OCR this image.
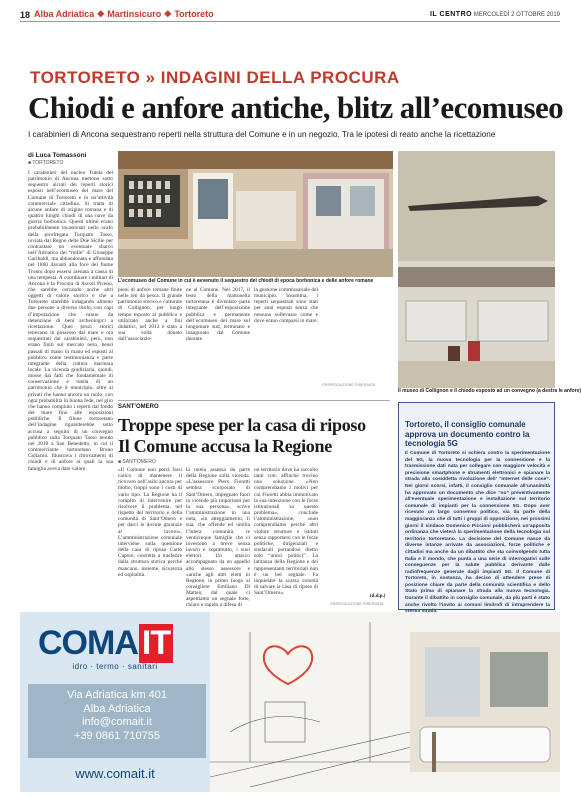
18 Alba Adriatica ❖ Martinsicuro ❖ Tortoreto	IL CENTRO MERCOLEDÌ 2 OTTOBRE 2019
TORTORETO » INDAGINI DELLA PROCURA
Chiodi e anfore antiche, blitz all’ecomuseo
I carabinieri di Ancona sequestrano reperti nella struttura del Comune e in un negozio. Tra le ipotesi di reato anche la ricettazione
di Luca Tomassoni
■ TORTORETO
I carabinieri del nucleo Tutela del patrimonio di Ancona mettono sotto sequestro alcuni dei reperti storici esposti nell’ecomuseo del mare del Comune di Tortoreto e in un’attività commerciale cittadina. Si tratta di alcune anfore di origine romana e di quattro lunghi chiodi di una nave da guerra borbonica. Questi ultimi erano probabilmente incastonati nello scafo della pirofregata Torquato Tasso, inviata dal Regno delle Due Sicilie per contrastare un eventuale sbarco nell’Adriatico dei “mille” di Giuseppe Garibaldi, ma abbandonata e affondata nel 1860 davanti alla foce del fiume Tronto dopo essersi arenata a causa di una tempesta. A coordinare i militari di Ancona è la Procura di Ascoli Piceno, che sarebbe cercando anche altri oggetti di valore storico e che a Tortoreto starebbe indagando almeno due persone a diverso titolo, con capi d’imputazione che vanno da detenzione di beni archeologici a ricettazione. Quei pezzi storici tenevano in possesso dal mare e ora sequestrati dai carabinieri, però, non erano finiti sul mercato nero, bensì passati di mano in mano ed esposti al pubblico come testimonianza e parte integrante della cultura marinara locale. La vicenda giudiziaria, quindi, mosse dai fatti che fondamentale di conservazione e tutela di un patrimonio che il municipio, oltre ai privati che hanno ancora un ruolo, con ogni probabilità in buona fede, nel giro che hanno compiuto i reperti dal fondo del mare fino alle esposizioni pubbliche. Il filone tortoretano dell’indagine riguarderebbe sotto accusa a seguito di un convegno pubblico sulla Torquato Tasso tenuto nel 2018 a San Benedetto, in cui il commerciante tortoretano Bruno Collarini. Illustrava i ritrovamenti di chiodi e di anfore ai quali la sua famiglia aveva dato valore.
L’ecomuseo del Comune in cui è avvenuto il sequestro dei chiodi di epoca borbonica e delle anfore romane
pieni di anfore romane finite nelle reti da pesca. Il grande patrimonio storico e culturale di Collignon, per lungo tempo esposto al pubblico e utilizzato anche a fini didattici, nel 2013 è stato a sua volta donato dall’associazio-
ne al Comune. Nel 2017, il testo della mattonella tortoretana è diventato parte integrante dell’esposizione pubblica e permanente dell’ecomuseo del mare sul lungomare sud, terminato e inaugurato dal Comune durante
la gestione commissariale del municipio. Insomma, i reperti sequestrati sono stati per anni esposti senza che nessuno sollevasse come e dove erano comparsi in mare.
©RIPRODUZIONE RISERVATA
Il museo di Collignon e il chiodo esposto ad un convegno (a destra le anfore)
SANT’OMERO
Troppe spese per la casa di riposo
Il Comune accusa la Regione
■ SANT’OMERO
«Il Comune non potrà farsi carico di mantenere il ricovero nell’asilo ancora per molto, troppi sono i costi di vario tipo. La Regione ha il compito di intervenire per risolvere il problema, nel rispetto del territorio e della comunità di Sant’Omero e per darci le dovute garanzie al lavoro». L’amministrazione comunale interviene sulla questione della casa di riposo Carlo Caponi, costretta a trasferire dalla struttura storica perché mancano, insieme, sicurezza ed ospitalità.
la tutela assessa da parte della Regione sulla vicenda. «L’assessore Piero Fioretti sembra scorporato di Sant’Omero, impegnato fuori in vicende più importanti per la sua persona», scrive l’amministrazione in una nota, «in atteggiamento, lì sua, che offende ed umilia l’intera comunità, le venticinque famiglie che ci investono a breve senza lavoro e soprattutto, i suoi elettori. Un attacco accompagnato da un appello allo stesso assessore e «anche agli altri eletti in Regione, in primo luogo al consigliere Emiliano Di Matteo, dal quale ci aspettiamo un segnale forte, chiaro e rapido a difesa di
un territorio dove ha raccolto tanti voti: affinché trovino una soluzione. «Non comprendiamo i motivi per cui Fioretti abbia immotivato la sua intenzione con le forze istituzionali su questo problema», conclude l’amministrazione, «non comprendiamo perché altri violare strutture e istituti senza rapportarsi con le forze politiche, dirigenziali e sindacali portandosi dietro solo “amici politici”. La latitanza della Regione e dei rappresentanti territoriali non è un bel segnale. Fa inquietare la scarsa volontà di salvare la casa di riposo di Sant’Omero».
(d.d.p.)
©RIPRODUZIONE RISERVATA
Tortoreto, il consiglio comunale approva un documento contro la tecnologia 5G
Il Comune di Tortoreto si schiera contro la sperimentazione del 5G, la nuova tecnologia per la connessione e la trasmissione dati nata per collegare con maggiore velocità e precisione smartphone e strumenti elettronici e spianare la strada alla cosiddetta rivoluzione dell’ “Internet delle cose”. Nei giorni scorsi, infatti, il consiglio comunale all’unanimità ha approvato un documento che dice “no” preventivamente all’eventuale sperimentazione e installazione sul territorio comunale di impianti per la connessione 5G. Dopo aver ricevuto un largo consenso politico, sia da parte della maggioranza che di tutti i gruppi di opposizione, nei prossimi giorni il sindaco Domenico Piccioni pubblicherà un’apposita ordinanza che vieterà la sperimentazione della tecnologia sul territorio tortoretano. La decisione del Comune nasce da diverse istanze arrivate da associazioni, forze politiche e cittadini ma anche da un dibattito che sta coinvolgendo tutta Italia e il mondo, che punta a una serie di interrogativi sulle conseguenze per la salute pubblica derivante dalle radiofrequenze generate dagli impianti 5G. Il Comune di Tortoreto, in sostanza, ha deciso di attendere prese di posizione chiare da parte della comunità scientifica e dello Stato prima di spianare la strada alla nuova tecnologia. Durante il dibattito in consiglio comunale, da più parti è stato anche rivolto l’invito ai comuni limitrofi di intraprendere la
COMA IT
idro · termo · sanitari
Via Adriatica km 401
Alba Adriatica
info@comait.it
+39 0861 710755
www.comait.it
